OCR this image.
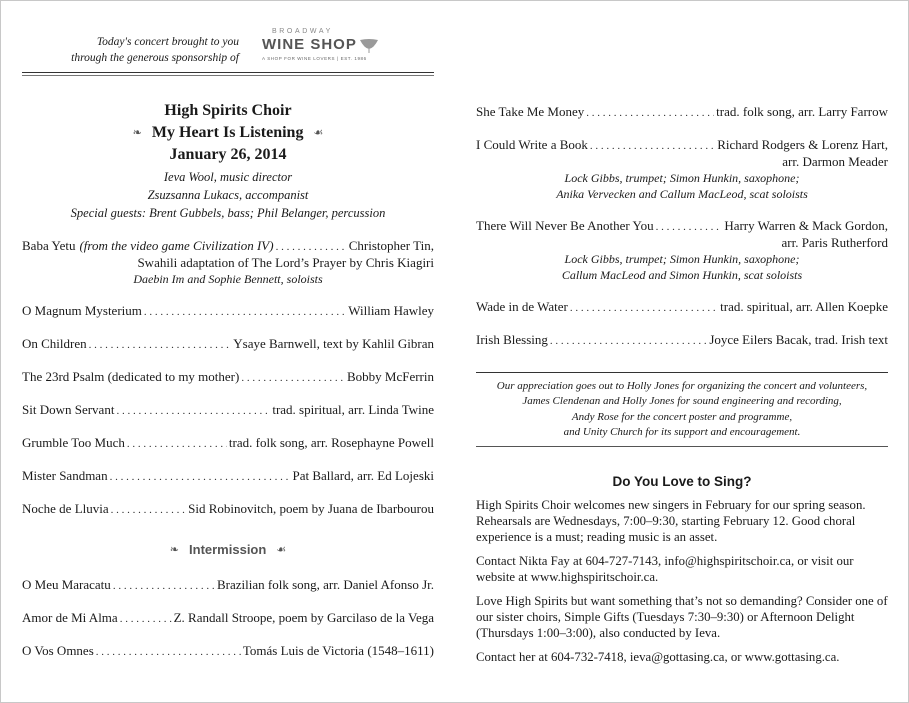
Today's concert brought to you
through the generous sponsorship of
BROADWAY
WINE SHOP
A SHOP FOR WINE LOVERS | EST. 1986
High Spirits Choir
❧ My Heart Is Listening ☙
January 26, 2014
Ieva Wool, music director
Zsuzsanna Lukacs, accompanist
Special guests: Brent Gubbels, bass; Phil Belanger, percussion
Baba Yetu (from the video game Civilization IV) . . .	Christopher Tin,
Swahili adaptation of The Lord’s Prayer by Chris Kiagiri
Daebin Im and Sophie Bennett, soloists
O Magnum Mysterium . . .	William Hawley
On Children . . .	Ysaye Barnwell, text by Kahlil Gibran
The 23rd Psalm (dedicated to my mother) . . .	Bobby McFerrin
Sit Down Servant . . .	trad. spiritual, arr. Linda Twine
Grumble Too Much . . .	trad. folk song, arr. Rosephayne Powell
Mister Sandman . . .	Pat Ballard, arr. Ed Lojeski
Noche de Lluvia . . .	Sid Robinovitch, poem by Juana de Ibarbourou
❧ Intermission ☙
O Meu Maracatu . . .	Brazilian folk song, arr. Daniel Afonso Jr.
Amor de Mi Alma . . .	Z. Randall Stroope, poem by Garcilaso de la Vega
O Vos Omnes . . .	Tomás Luis de Victoria (1548–1611)
She Take Me Money . . .	trad. folk song, arr. Larry Farrow
I Could Write a Book . . .	Richard Rodgers & Lorenz Hart,
arr. Darmon Meader
Lock Gibbs, trumpet; Simon Hunkin, saxophone;
Anika Vervecken and Callum MacLeod, scat soloists
There Will Never Be Another You . . .	Harry Warren & Mack Gordon,
arr. Paris Rutherford
Lock Gibbs, trumpet; Simon Hunkin, saxophone;
Callum MacLeod and Simon Hunkin, scat soloists
Wade in de Water . . .	trad. spiritual, arr. Allen Koepke
Irish Blessing . . .	Joyce Eilers Bacak, trad. Irish text
Our appreciation goes out to Holly Jones for organizing the concert and volunteers,
James Clendenan and Holly Jones for sound engineering and recording,
Andy Rose for the concert poster and programme,
and Unity Church for its support and encouragement.
Do You Love to Sing?

High Spirits Choir welcomes new singers in February for our spring season. Rehearsals are Wednesdays, 7:00–9:30, starting February 12. Good choral experience is a must; reading music is an asset.

Contact Nikta Fay at 604-727-7143, info@highspiritschoir.ca, or visit our website at www.highspiritschoir.ca.

Love High Spirits but want something that’s not so demanding? Consider one of our sister choirs, Simple Gifts (Tuesdays 7:30–9:30) or Afternoon Delight (Thursdays 1:00–3:00), also conducted by Ieva.

Contact her at 604-732-7418, ieva@gottasing.ca, or www.gottasing.ca.
